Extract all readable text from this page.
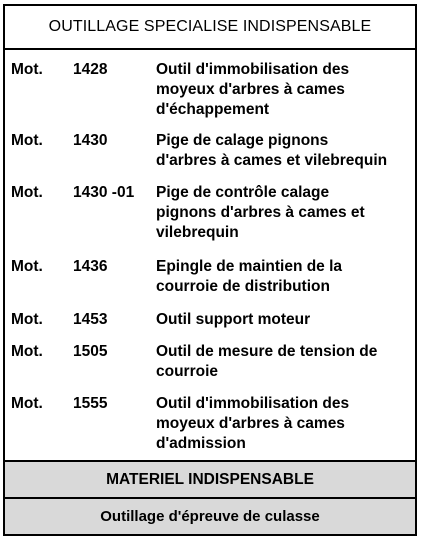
OUTILLAGE SPECIALISE INDISPENSABLE
Mot. 1428	Outil d'immobilisation des
moyeux d'arbres à cames
d'échappement
Mot. 1430	Pige de calage pignons
d'arbres à cames et vilebrequin
Mot. 1430 -01 Pige de contrôle calage
pignons d'arbres à cames et
vilebrequin
Mot. 1436	Epingle de maintien de la
courroie de distribution
Mot. 1453	Outil support moteur
Mot. 1505	Outil de mesure de tension de
courroie
Mot. 1555	Outil d'immobilisation des
moyeux d'arbres à cames
d'admission
MATERIEL INDISPENSABLE
Outillage d'épreuve de culasse
